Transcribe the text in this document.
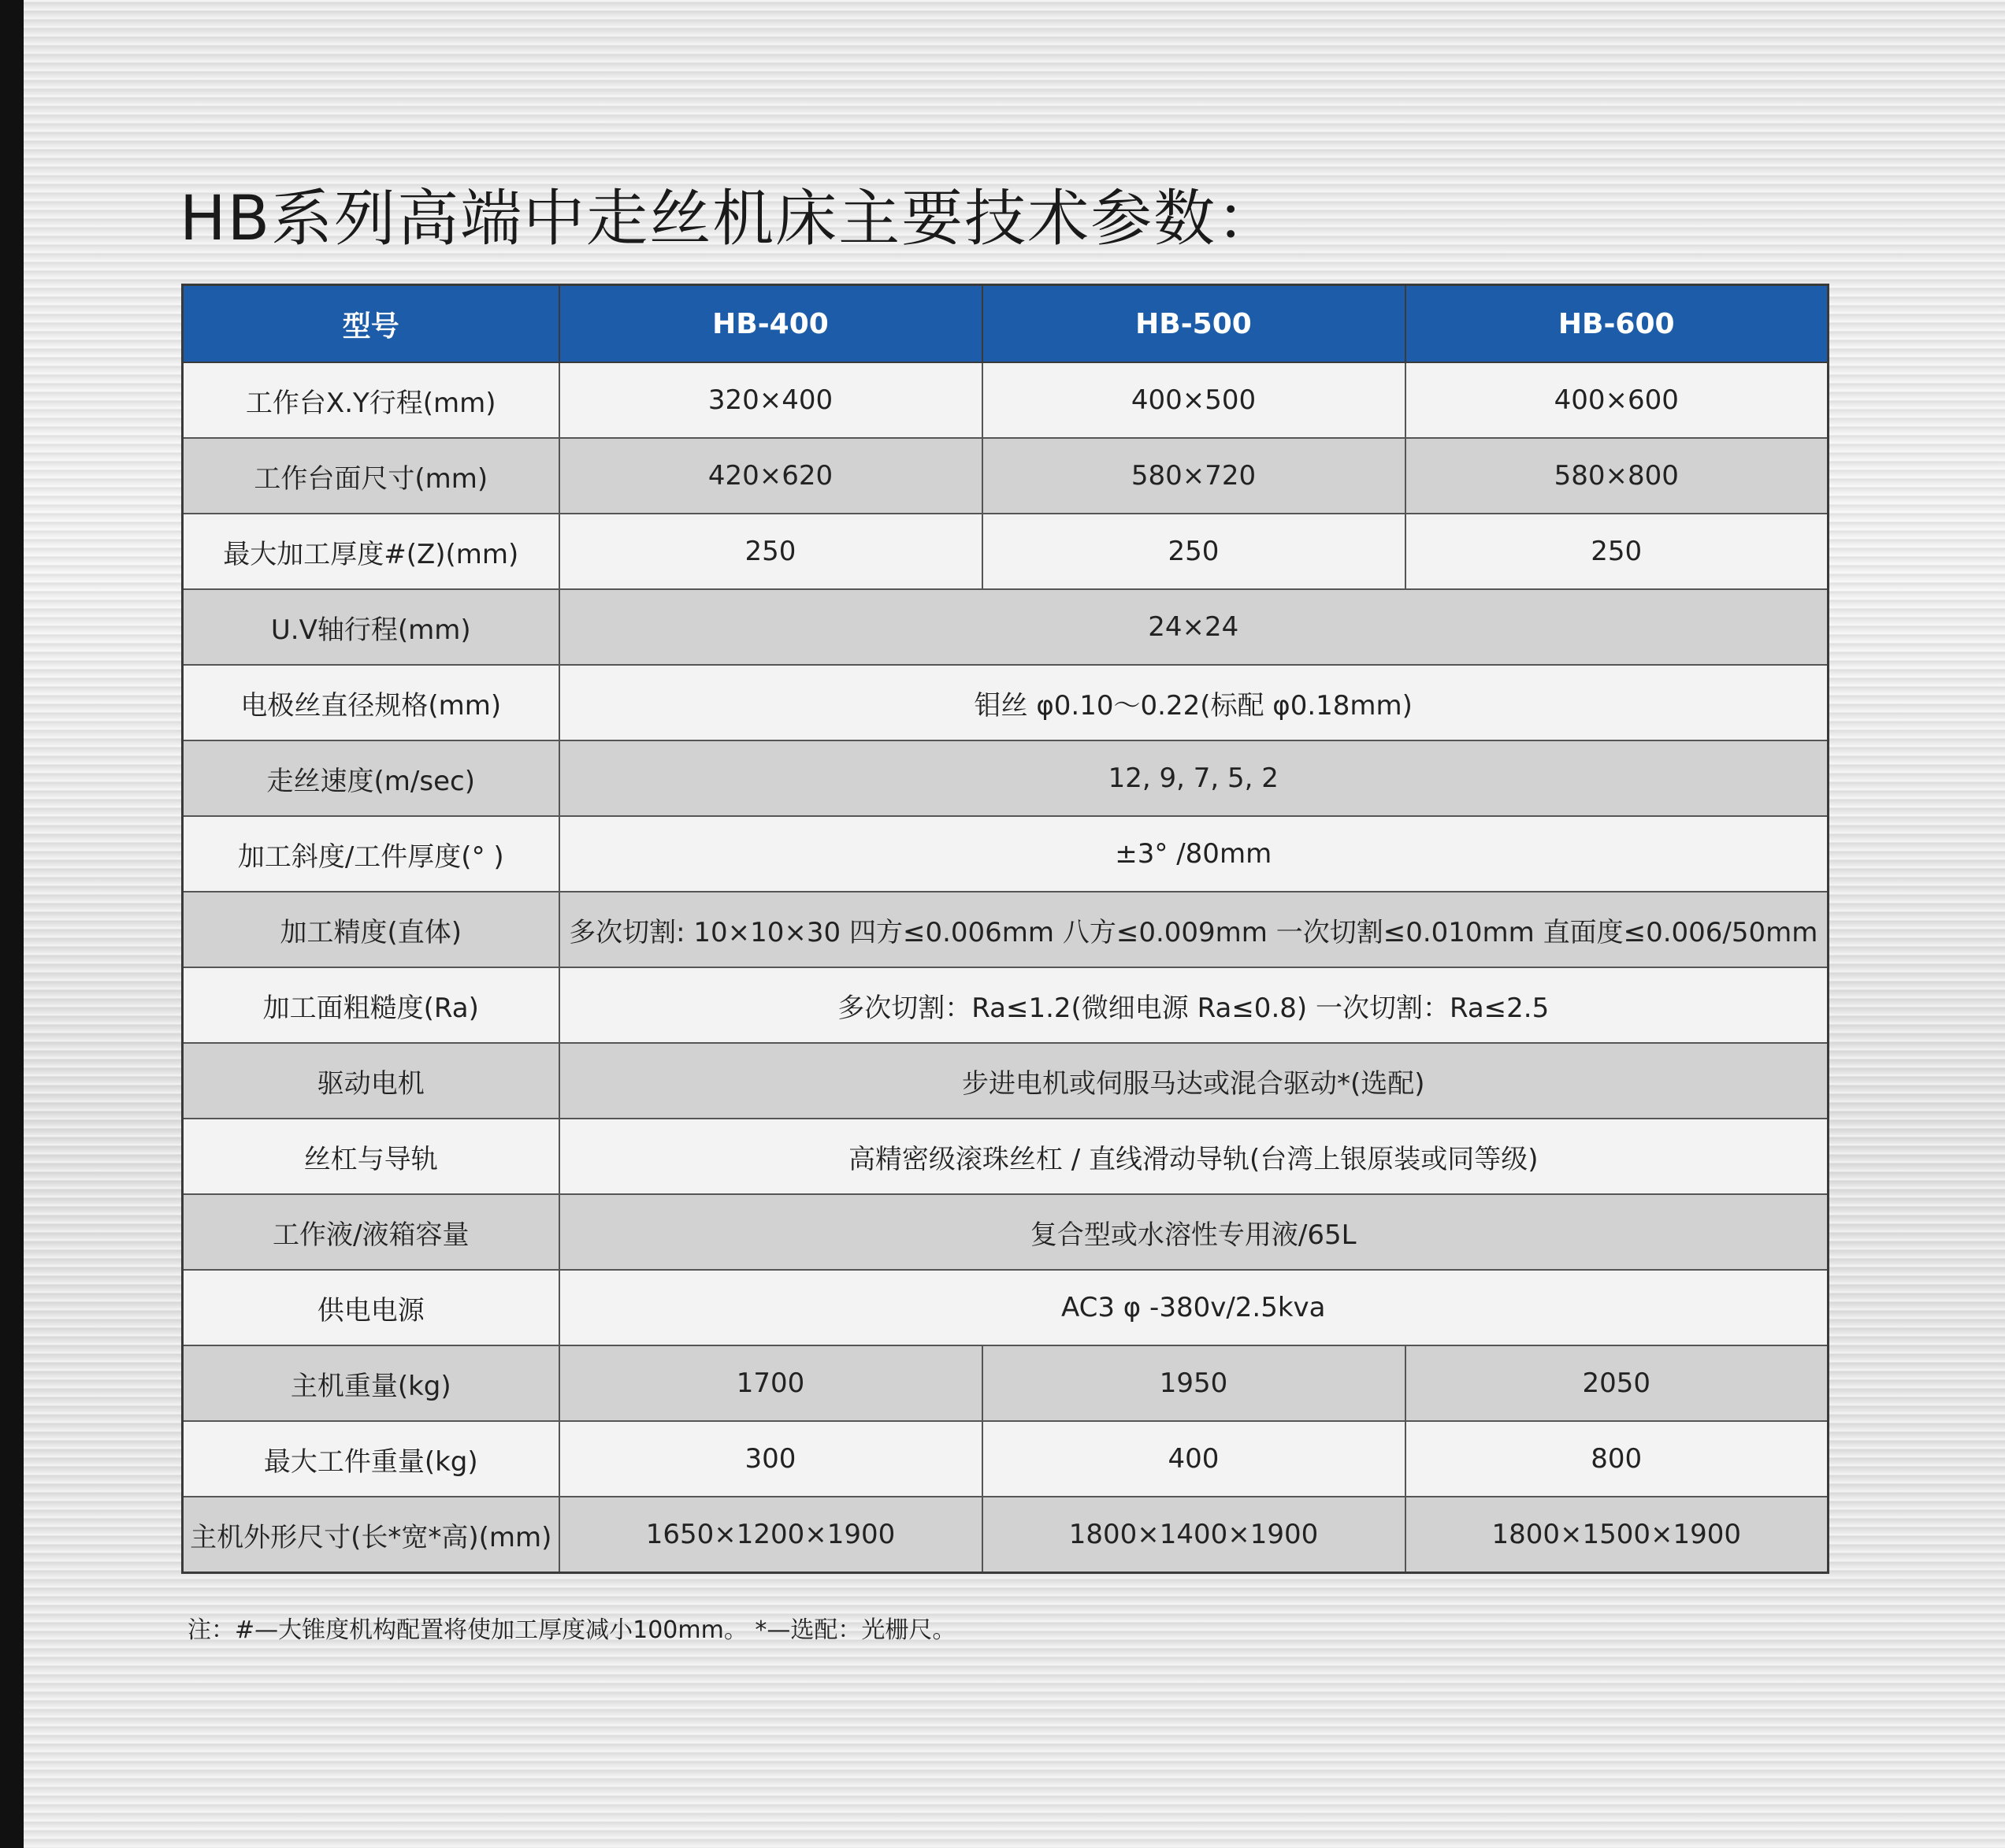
HB系列高端中走丝机床主要技术参数：
型号	HB-400	HB-500	HB-600
工作台X.Y行程(mm)	320×400	400×500	400×600
工作台面尺寸(mm)	420×620	580×720	580×800
最大加工厚度#(Z)(mm)	250	250	250
U.V轴行程(mm)	24×24		
电极丝直径规格(mm)	钼丝 φ0.10～0.22(标配 φ0.18mm)		
走丝速度(m/sec)	12, 9, 7, 5, 2		
加工斜度/工件厚度(° )	±3° /80mm		
加工精度(直体)	多次切割: 10×10×30 四方≤0.006mm 八方≤0.009mm 一次切割≤0.010mm 直面度≤0.006/50mm		
加工面粗糙度(Ra)	多次切割：Ra≤1.2(微细电源 Ra≤0.8) 一次切割：Ra≤2.5		
驱动电机	步进电机或伺服马达或混合驱动*(选配)		
丝杠与导轨	高精密级滚珠丝杠 / 直线滑动导轨(台湾上银原装或同等级)		
工作液/液箱容量	复合型或水溶性专用液/65L		
供电电源	AC3 φ -380v/2.5kva		
主机重量(kg)	1700	1950	2050
最大工件重量(kg)	300	400	800
主机外形尺寸(长*宽*高)(mm)	1650×1200×1900	1800×1400×1900	1800×1500×1900
注：#—大锥度机构配置将使加工厚度减小100mm。 *—选配：光栅尺。
